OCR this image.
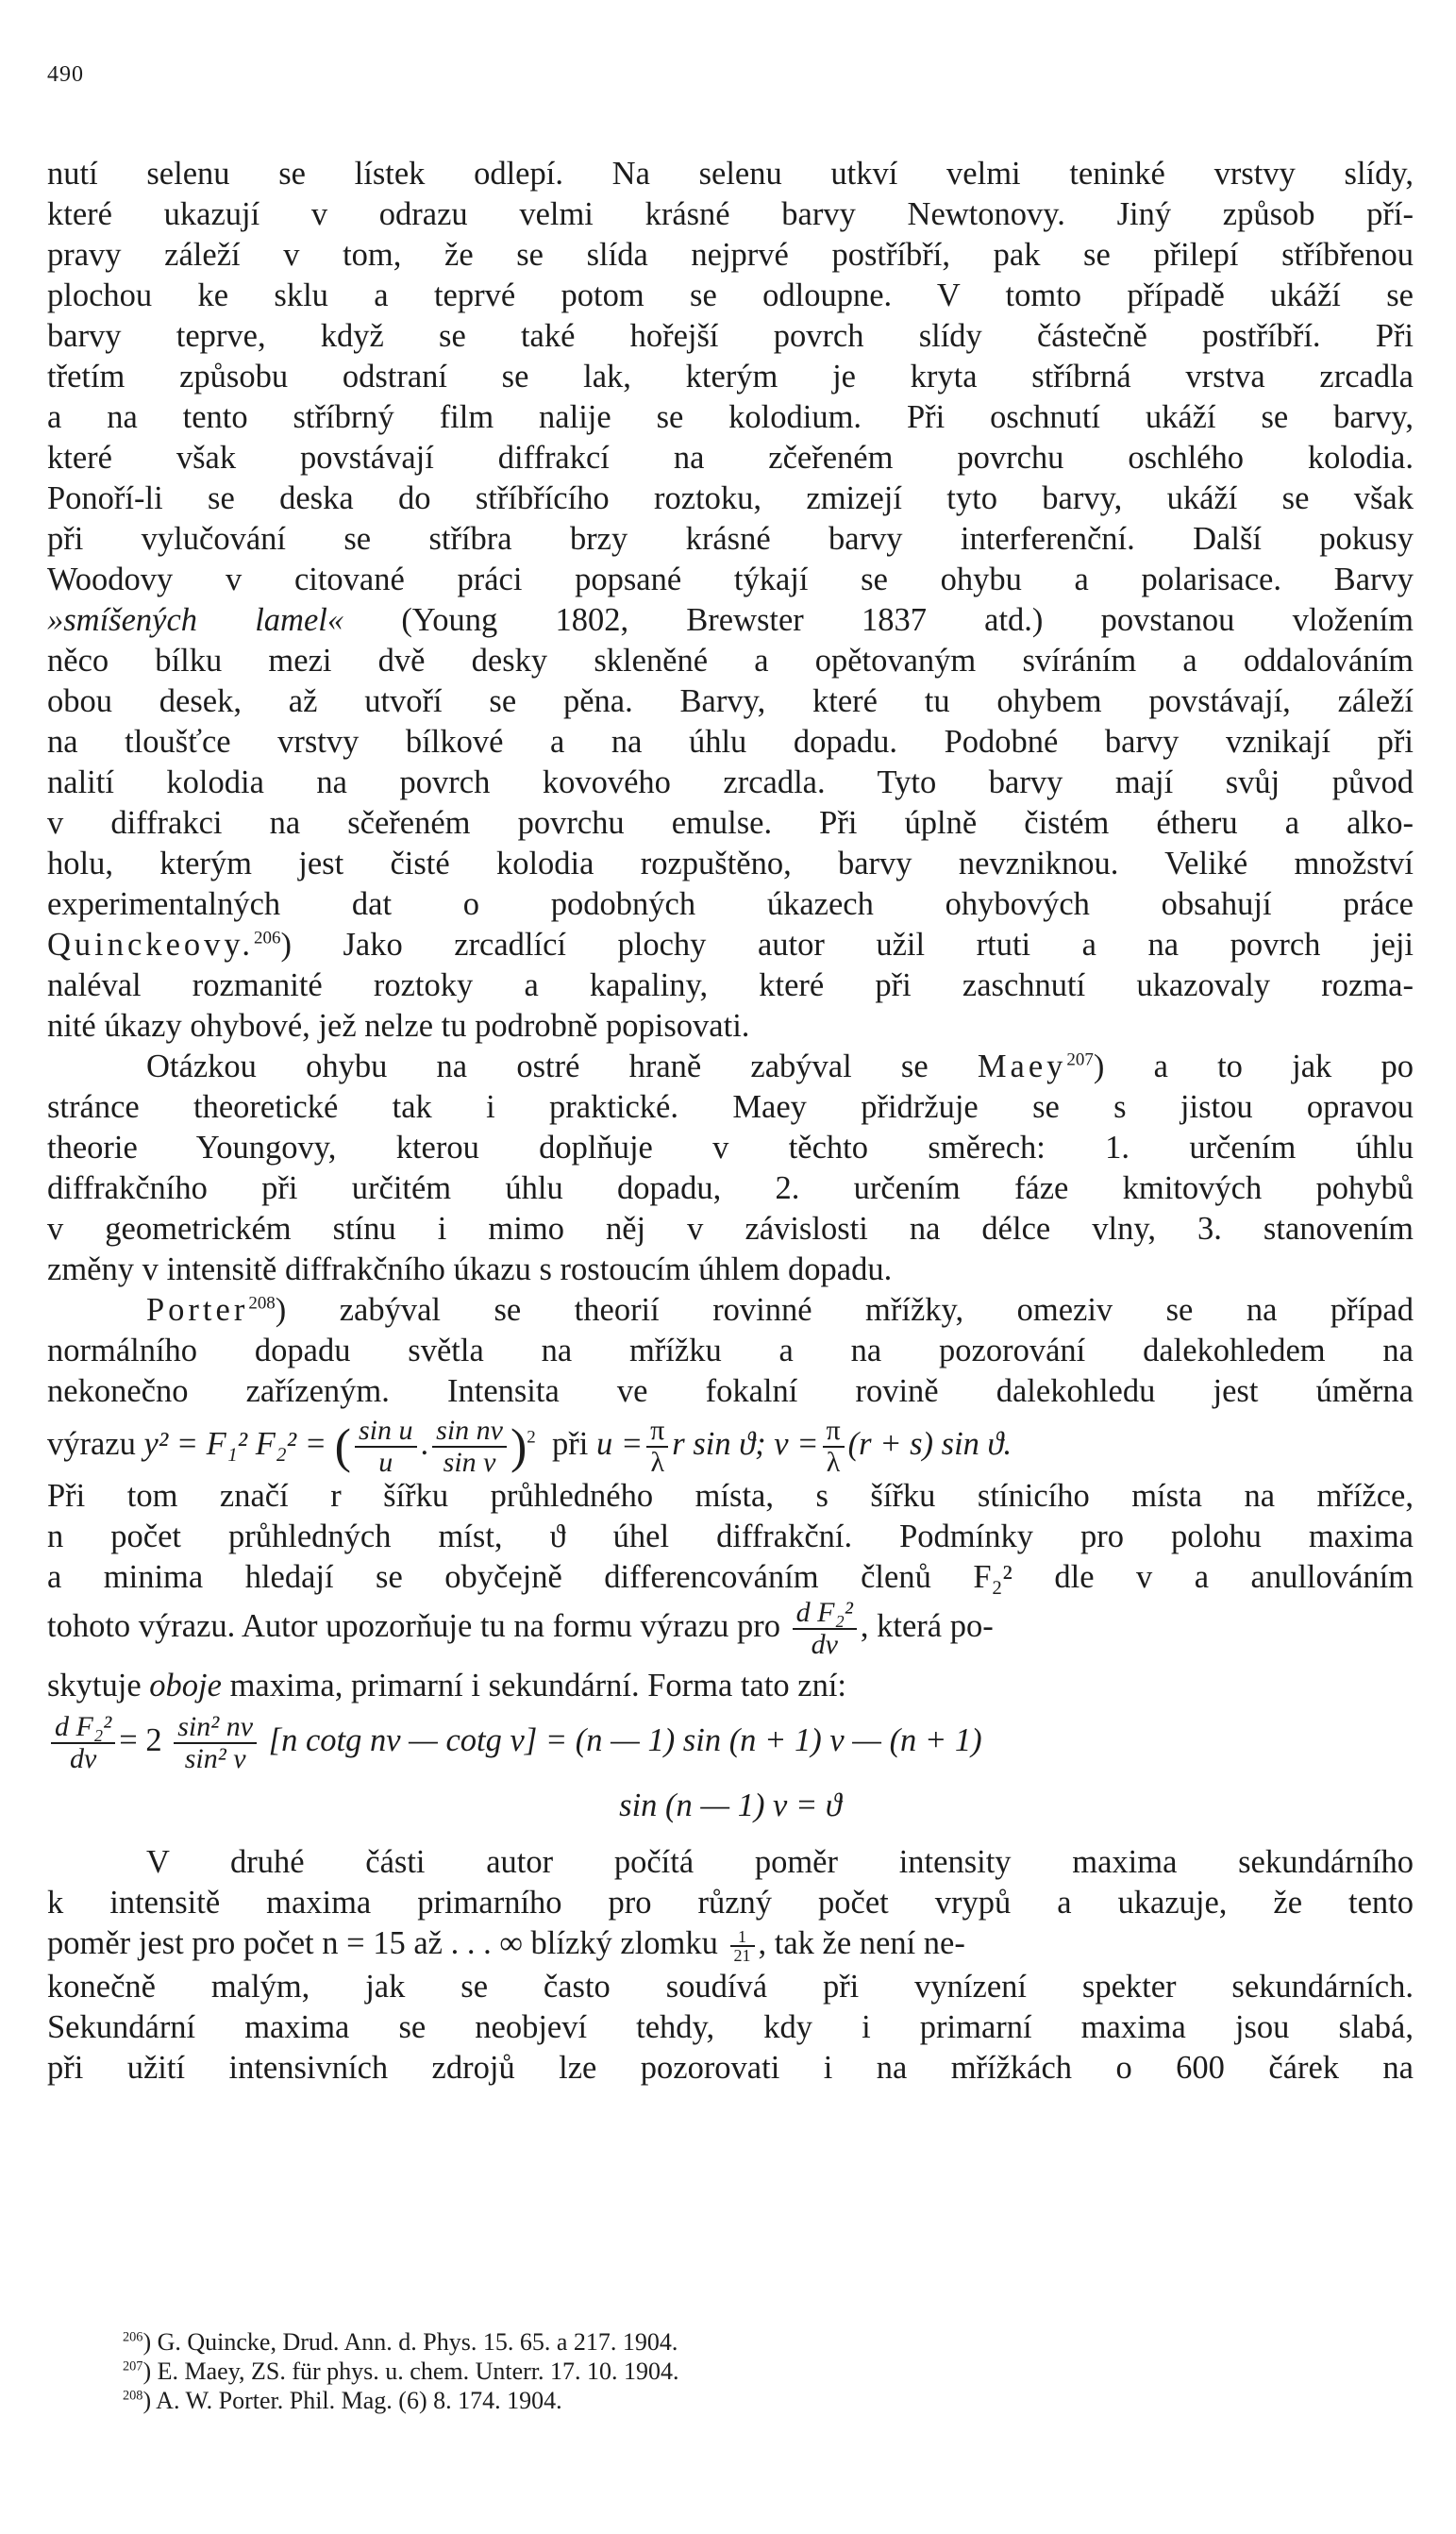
490
nutí selenu se lístek odlepí. Na selenu utkví velmi teninké vrstvy slídy,
které ukazují v odrazu velmi krásné barvy Newtonovy. Jiný způsob pří-
pravy záleží v tom, že se slída nejprvé postříbří, pak se přilepí stříbřenou
plochou ke sklu a teprvé potom se odloupne. V tomto případě ukáží se
barvy teprve, když se také hořejší povrch slídy částečně postříbří. Při
třetím způsobu odstraní se lak, kterým je kryta stříbrná vrstva zrcadla
a na tento stříbrný film nalije se kolodium. Při oschnutí ukáží se barvy,
které však povstávají diffrakcí na zčeřeném povrchu oschlého kolodia.
Ponoří-li se deska do stříbřícího roztoku, zmizejí tyto barvy, ukáží se však
při vylučování se stříbra brzy krásné barvy interferenční. Další pokusy
Woodovy v citované práci popsané týkají se ohybu a polarisace. Barvy
»smíšených lamel« (Young 1802, Brewster 1837 atd.) povstanou vložením
něco bílku mezi dvě desky skleněné a opětovaným svíráním a oddalováním
obou desek, až utvoří se pěna. Barvy, které tu ohybem povstávají, záleží
na tloušťce vrstvy bílkové a na úhlu dopadu. Podobné barvy vznikají při
nalití kolodia na povrch kovového zrcadla. Tyto barvy mají svůj původ
v diffrakci na sčeřeném povrchu emulse. Při úplně čistém étheru a alko-
holu, kterým jest čisté kolodia rozpuštěno, barvy nevzniknou. Veliké množství
experimentalných dat o podobných úkazech ohybových obsahují práce
Quinckeovy.$^{206}$) Jako zrcadlící plochy autor užil rtuti a na povrch jeji
naléval rozmanité roztoky a kapaliny, které při zaschnutí ukazovaly rozma-
nité úkazy ohybové, jež nelze tu podrobně popisovati.
Otázkou ohybu na ostré hraně zabýval se Maey$^{207}$) a to jak po
stránce theoretické tak i praktické. Maey přidržuje se s jistou opravou
theorie Youngovy, kterou doplňuje v těchto směrech: 1. určením úhlu
diffrakčního při určitém úhlu dopadu, 2. určením fáze kmitových pohybů
v geometrickém stínu i mimo něj v závislosti na délce vlny, 3. stanovením
změny v intensitě diffrakčního úkazu s rostoucím úhlem dopadu.
Porter$^{208}$) zabýval se theorií rovinné mřížky, omeziv se na případ
normálního dopadu světla na mřížku a na pozorování dalekohledem na
nekonečno zařízeným. Intensita ve fokalní rovině dalekohledu jest úměrna
výrazu y² = F₁² F₂² = ( $\frac{\text{sin u}}{u}$ . $\frac{\text{sin nv}}{\text{sin v}} )^2$ při $u = \frac{\pi}{\lambda}$ r sin ϑ; $v = \frac{\pi}{\lambda} (r + s)$ sin ϑ.
Při tom značí r šířku průhledného místa, s šířku stínicího místa na mřížce,
n počet průhledných míst, ϑ úhel diffrakční. Podmínky pro polohu maxima
a minima hledají se obyčejně differencováním členů F₂² dle v a anullováním
tohoto výrazu. Autor upozorňuje tu na formu výrazu pro $\frac{\text{d F₂²}}{dv}$ , která po-
skytuje oboje maxima, primarní i sekundární. Forma tato zní:
$\frac{\text{d F₂²}}{dv} = 2 \frac{\text{sin² nv}}{\text{sin² v}} [n$ cotg nv — cotg v] = (n — 1) sin (n + 1) v — (n + 1)
sin (n — 1) v = ϑ
V druhé části autor počítá poměr intensity maxima sekundárního
k intensitě maxima primarního pro různý počet vrypů a ukazuje, že tento
poměr jest pro počet n = 15 až . . . ∞ blízký zlomku $\frac{1}{21}$ , tak že není ne-
konečně malým, jak se často soudívá při vynízení spekter sekundárních.
Sekundární maxima se neobjeví tehdy, kdy i primarní maxima jsou slabá,
při užití intensivních zdrojů lze pozorovati i na mřížkách o 600 čárek na
$^{206}$) G. Quincke, Drud. Ann. d. Phys. 15. 65. a 217. 1904.
$^{207}$) E. Maey, ZS. für phys. u. chem. Unterr. 17. 10. 1904.
$^{208}$) A. W. Porter. Phil. Mag. (6) 8. 174. 1904.
